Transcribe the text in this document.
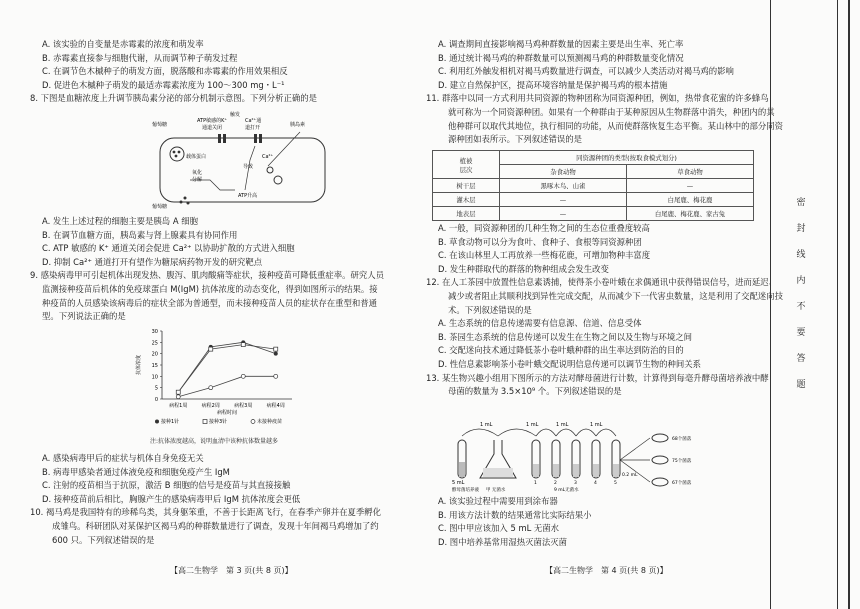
A. 该实验的自变量是赤霉素的浓度和萌发率

B. 赤霉素直接参与细胞代谢，从而调节种子萌发过程

C. 在调节色木槭种子的萌发方面，脱落酸和赤霉素的作用效果相反

D. 促进色木槭种子萌发的最适赤霉素浓度为 100～300 mg・L⁻¹

8. 下图是血糖浓度上升调节胰岛素分泌的部分机制示意图。下列分析正确的是

葡萄糖
葡萄糖
ATP敏感的K⁺
通道关闭
Ca²⁺通
道打开
触发
胰岛素
载体蛋白
氧化
分解
ATP升高
导致
Ca²⁺

A. 发生上述过程的细胞主要是胰岛 A 细胞

B. 在调节血糖方面，胰岛素与肾上腺素具有协同作用

C. ATP 敏感的 K⁺ 通道关闭会促进 Ca²⁺ 以协助扩散的方式进入细胞

D. 抑制 Ca²⁺ 通道打开有望作为糖尿病药物开发的研究靶点

9. 感染病毒甲可引起机体出现发热、腹泻、肌肉酸痛等症状，接种疫苗可降低重症率。研究人员

监测接种疫苗后机体的免疫球蛋白 M(IgM) 抗体浓度的动态变化，得到如图所示的结果。接

种疫苗的人员感染该病毒后的症状全部为普通型，而未接种疫苗人员的症状存在重型和普通

型。下列说法正确的是

0
5
10
15
20
25
30
病程1周	病程2周	病程3周	病程4周
病程时间
抗体浓度
接种1针	接种3针	未接种疫苗
注:抗体浓度越高，说明血清中该种抗体数量越多

A. 感染病毒甲后的症状与机体自身免疫无关

B. 病毒甲感染者通过体液免疫和细胞免疫产生 IgM

C. 注射的疫苗相当于抗原，激活 B 细胞的信号是疫苗与其直接接触

D. 接种疫苗前后相比，胸腺产生的感染病毒甲后 IgM 抗体浓度会更低

10. 褐马鸡是我国特有的珍稀鸟类，其身躯笨重，不善于长距离飞行，在春季产卵并在夏季孵化

成雏鸟。科研团队对某保护区褐马鸡的种群数量进行了调查，发现十年间褐马鸡增加了约

600 只。下列叙述错误的是

【高二生物学　第 3 页(共 8 页)】

A. 调查期间直接影响褐马鸡种群数量的因素主要是出生率、死亡率

B. 通过统计褐马鸡的种群数量可以预测褐马鸡的种群数量变化情况

C. 利用红外触发相机对褐马鸡数量进行调查，可以减少人类活动对褐马鸡的影响

D. 建立自然保护区，提高环境容纳量是保护褐马鸡的根本措施

11. 群落中以同一方式利用共同资源的物种团称为同资源种团，例如，热带食花蜜的许多蜂鸟

就可称为一个同资源种团。如果有一个种群由于某种原因从生物群落中消失，种团内的其

他种群可以取代其地位，执行相同的功能，从而使群落恢复生态平衡。某山林中的部分同资

源种团如表所示。下列叙述错误的是

植被
层次	同资源种团的类型(按取食模式划分)	
	杂食动物	草食动物
树干层	黑啄木鸟、山雀	—
灌木层	—	白尾鹿、梅花鹿
地表层	—	白尾鹿、梅花鹿、家古兔

A. 一般，同资源种团的几种生物之间的生态位重叠度较高

B. 草食动物可以分为食叶、食种子、食根等同资源种团

C. 在该山林里人工再放养一些梅花鹿，可增加物种丰富度

D. 发生种群取代的群落的物种组成会发生改变

12. 在人工茶园中放置性信息素诱捕，使得茶小卷叶蛾在求偶通讯中获得错误信号，进而延迟、

减少或者阻止其顺利找到异性完成交配，从而减少下一代害虫数量，这是利用了交配迷向技

术。下列叙述错误的是

A. 生态系统的信息传递需要有信息源、信道、信息受体

B. 茶园生态系统的信息传递可以发生在生物之间以及生物与环境之间

C. 交配迷向技术通过降低茶小卷叶蛾种群的出生率达到防治的目的

D. 性信息素影响茶小卷叶蛾交配说明信息传递可以调节生物的种间关系

13. 某生物兴趣小组用下图所示的方法对酵母菌进行计数，计算得到每毫升酵母菌培养液中酵

母菌的数量为 3.5×10⁹ 个。下列叙述错误的是

1 mL	1 mL	1 mL	1 mL
5 mL
酵母菌培养液 甲 无菌水
1	2	3	4	5
9 mL无菌水
0.2 mL
68个菌落
75个菌落
67个菌落

A. 该实验过程中需要用到涂布器

B. 用该方法计数的结果通常比实际结果小

C. 图中甲应该加入 5 mL 无菌水

D. 图中培养基常用湿热灭菌法灭菌

【高二生物学　第 4 页(共 8 页)】
密
封
线
内
不
要
答
题
